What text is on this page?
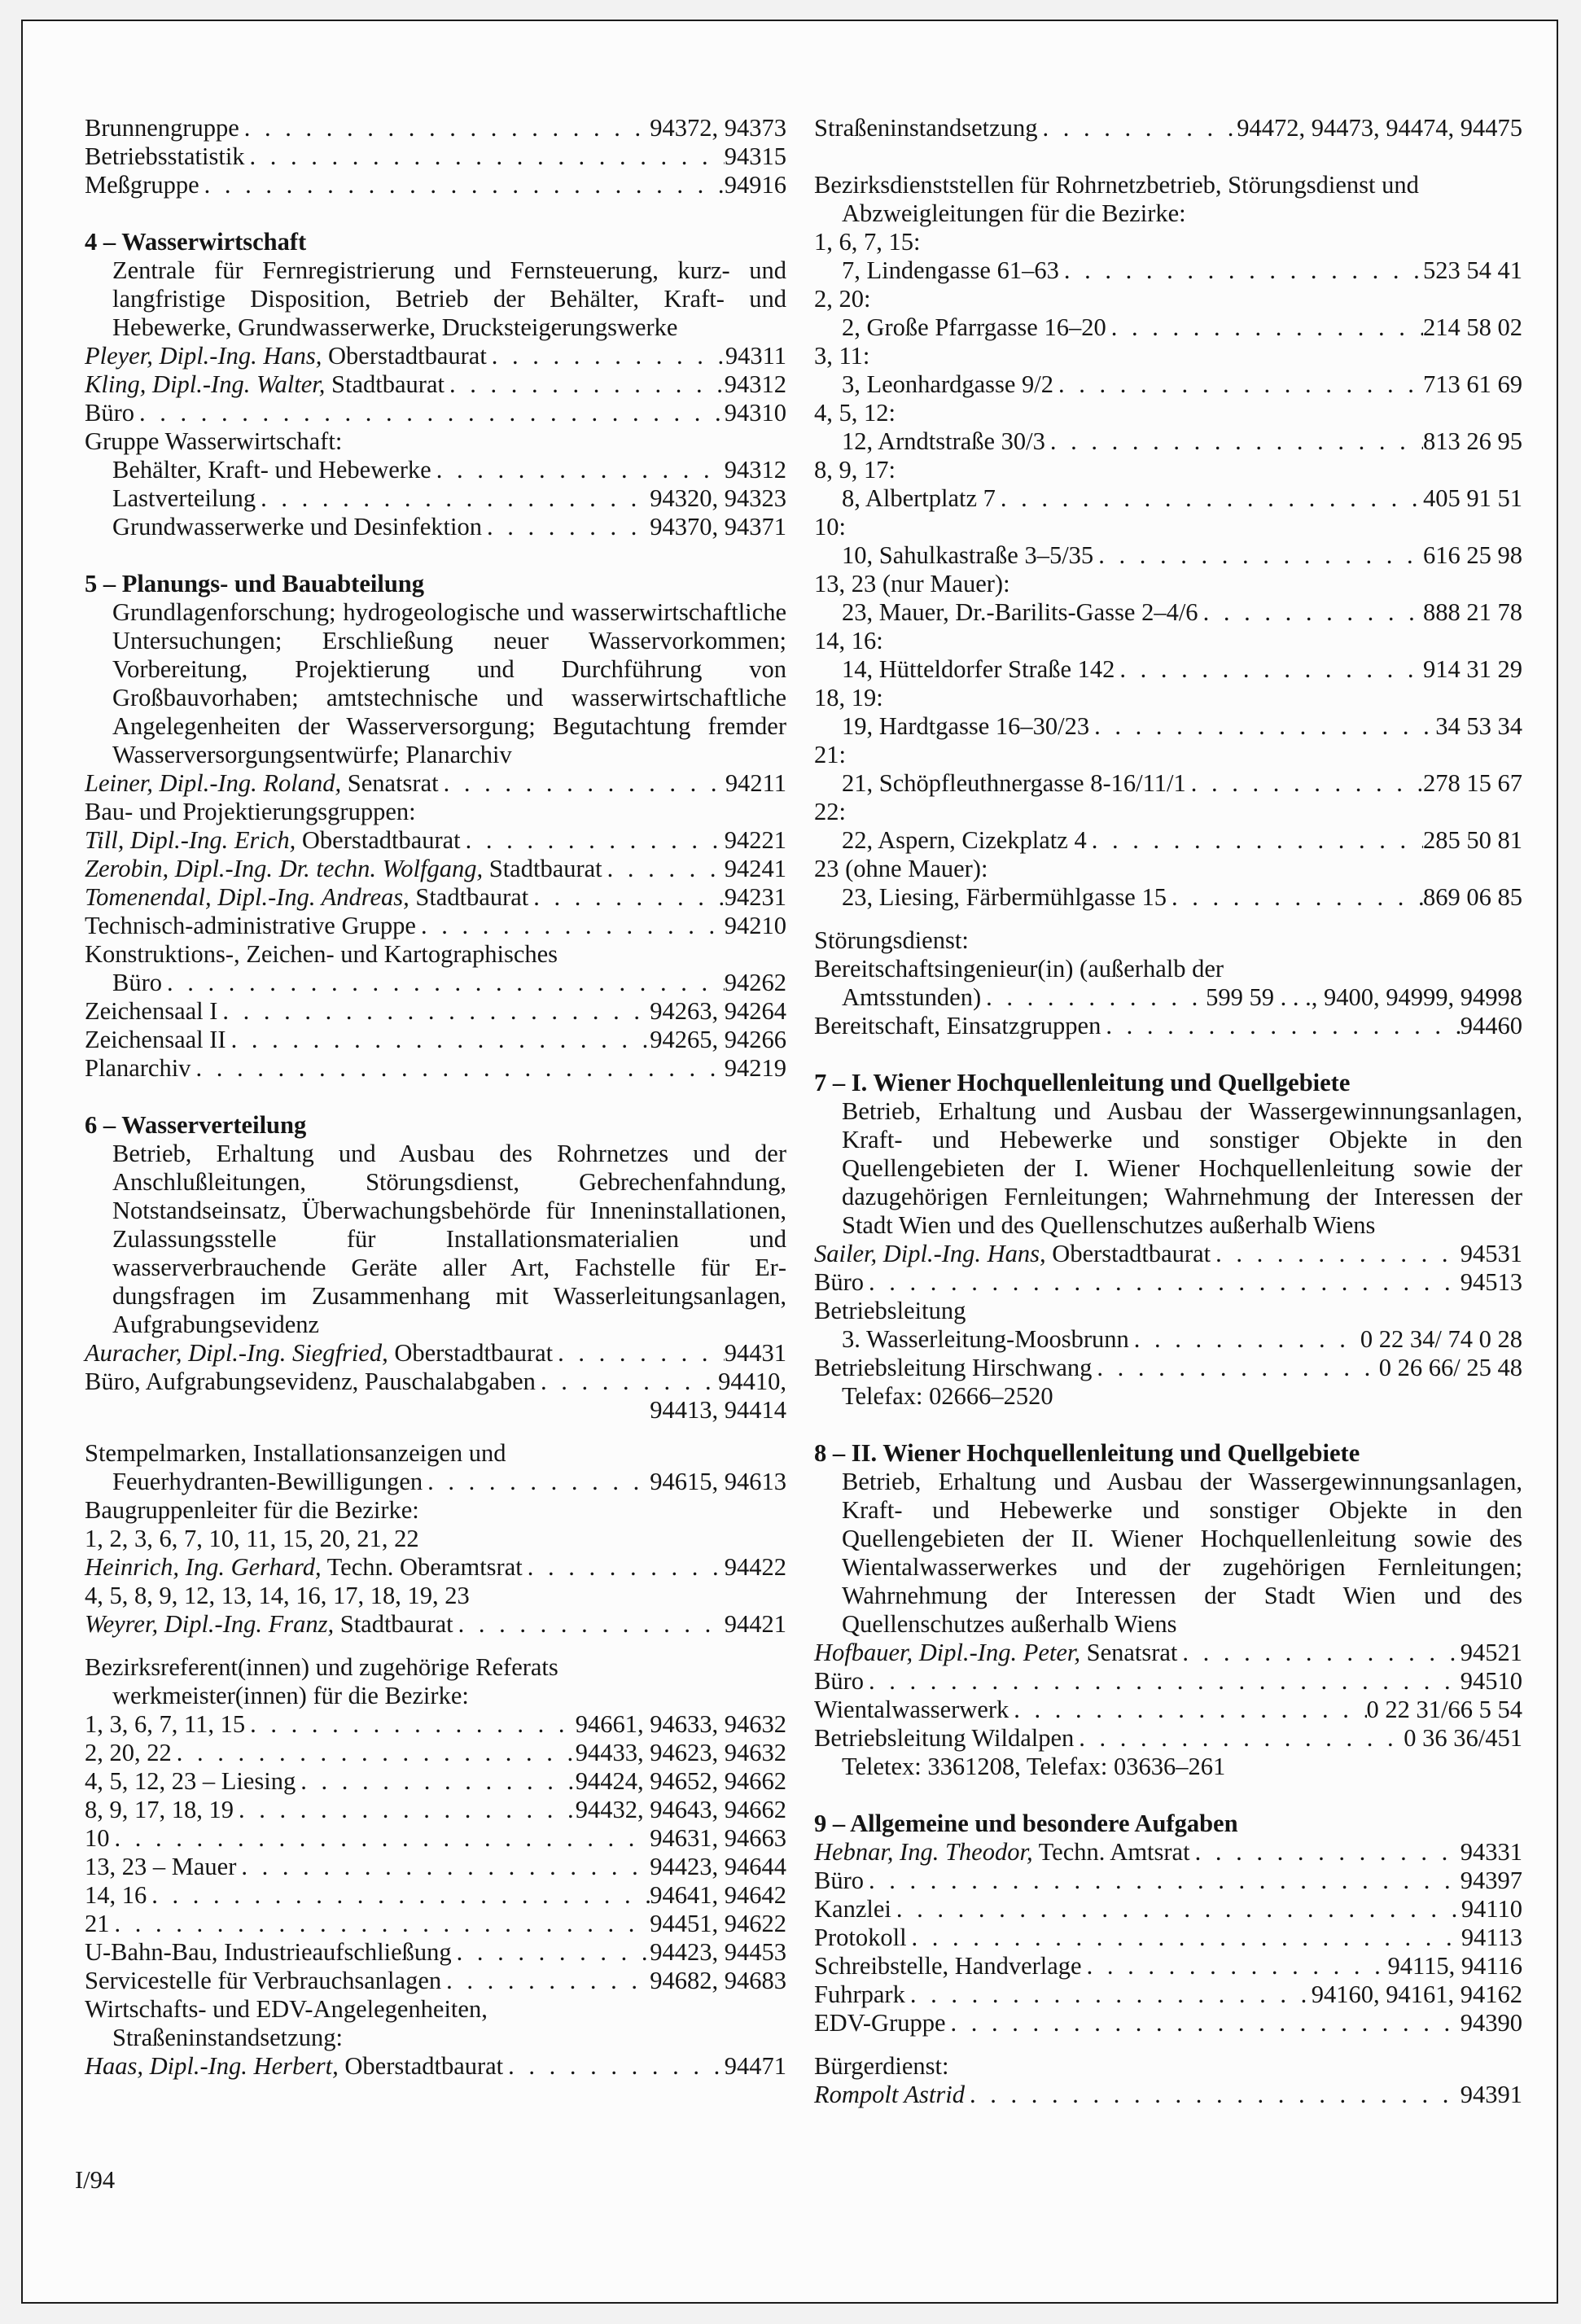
Brunnengruppe . . .	94372, 94373
Betriebsstatistik . . .	94315
Meßgruppe . . .	94916
4 – Wasserwirtschaft
Zentrale für Fernregistrierung und Fernsteuerung, kurz- und langfristige Disposition, Betrieb der Behälter, Kraft- und Hebewerke, Grundwasserwerke, Drucksteigerungswerke
Pleyer, Dipl.-Ing. Hans, Oberstadtbaurat . . .	94311
Kling, Dipl.-Ing. Walter, Stadtbaurat . . .	94312
Büro . . .	94310
Gruppe Wasserwirtschaft:
Behälter, Kraft- und Hebewerke . . .	94312
Lastverteilung . . .	94320, 94323
Grundwasserwerke und Desinfektion . . .	94370, 94371
5 – Planungs- und Bauabteilung
Grundlagenforschung; hydrogeologische und wasserwirtschaftliche Untersuchungen; Erschließung neuer Wasservorkommen; Vorbereitung, Projektierung und Durchführung von Großbauvorhaben; amtstechnische und wasserwirtschaftliche Angelegenheiten der Wasserversorgung; Begutachtung fremder Wasserversorgungsentwürfe; Planarchiv
Leiner, Dipl.-Ing. Roland, Senatsrat . . .	94211
Bau- und Projektierungsgruppen:
Till, Dipl.-Ing. Erich, Oberstadtbaurat . . .	94221
Zerobin, Dipl.-Ing. Dr. techn. Wolfgang, Stadtbaurat . . .	94241
Tomenendal, Dipl.-Ing. Andreas, Stadtbaurat . . .	94231
Technisch-administrative Gruppe . . .	94210
Konstruktions-, Zeichen- und Kartographisches
Büro . . .	94262
Zeichensaal I . . .	94263, 94264
Zeichensaal II . . .	94265, 94266
Planarchiv . . .	94219
6 – Wasserverteilung
Betrieb, Erhaltung und Ausbau des Rohrnetzes und der Anschlußleitungen, Störungsdienst, Gebrechenfahndung, Notstandseinsatz, Überwachungsbehörde für Inneninstallationen, Zulassungsstelle für Installationsmaterialien und wasserverbrauchende Geräte aller Art, Fachstelle für Erdungsfragen im Zusammenhang mit Wasserleitungsanlagen, Aufgrabungsevidenz
Auracher, Dipl.-Ing. Siegfried, Oberstadtbaurat . . .	94431
Büro, Aufgrabungsevidenz, Pauschalabgaben . . .	94410,
94413, 94414
Stempelmarken, Installationsanzeigen und
Feuerhydranten-Bewilligungen . . .	94615, 94613
Baugruppenleiter für die Bezirke:
1, 2, 3, 6, 7, 10, 11, 15, 20, 21, 22
Heinrich, Ing. Gerhard, Techn. Oberamtsrat . . .	94422
4, 5, 8, 9, 12, 13, 14, 16, 17, 18, 19, 23
Weyrer, Dipl.-Ing. Franz, Stadtbaurat . . .	94421
Bezirksreferent(innen) und zugehörige Referats
werkmeister(innen) für die Bezirke:
1, 3, 6, 7, 11, 15 . . .	94661, 94633, 94632
2, 20, 22 . . .	94433, 94623, 94632
4, 5, 12, 23 – Liesing . . .	94424, 94652, 94662
8, 9, 17, 18, 19 . . .	94432, 94643, 94662
10 . . .	94631, 94663
13, 23 – Mauer . . .	94423, 94644
14, 16 . . .	94641, 94642
21 . . .	94451, 94622
U-Bahn-Bau, Industrieaufschließung . . .	94423, 94453
Servicestelle für Verbrauchsanlagen . . .	94682, 94683
Wirtschafts- und EDV-Angelegenheiten,
Straßeninstandsetzung:
Haas, Dipl.-Ing. Herbert, Oberstadtbaurat . . .	94471
Straßeninstandsetzung . . .	94472, 94473, 94474, 94475
Bezirksdienststellen für Rohrnetzbetrieb, Störungsdienst und
Abzweigleitungen für die Bezirke:
1, 6, 7, 15:
7, Lindengasse 61–63 . . .	523 54 41
2, 20:
2, Große Pfarrgasse 16–20 . . .	214 58 02
3, 11:
3, Leonhardgasse 9/2 . . .	713 61 69
4, 5, 12:
12, Arndtstraße 30/3 . . .	813 26 95
8, 9, 17:
8, Albertplatz 7 . . .	405 91 51
10:
10, Sahulkastraße 3–5/35 . . .	616 25 98
13, 23 (nur Mauer):
23, Mauer, Dr.-Barilits-Gasse 2–4/6 . . .	888 21 78
14, 16:
14, Hütteldorfer Straße 142 . . .	914 31 29
18, 19:
19, Hardtgasse 16–30/23 . . .	34 53 34
21:
21, Schöpfleuthnergasse 8-16/11/1 . . .	278 15 67
22:
22, Aspern, Cizekplatz 4 . . .	285 50 81
23 (ohne Mauer):
23, Liesing, Färbermühlgasse 15 . . .	869 06 85
Störungsdienst:
Bereitschaftsingenieur(in) (außerhalb der
Amtsstunden) . . .	599 59 . . ., 9400, 94999, 94998
Bereitschaft, Einsatzgruppen . . .	94460
7 – I. Wiener Hochquellenleitung und Quellgebiete
Betrieb, Erhaltung und Ausbau der Wassergewinnungsanlagen, Kraft- und Hebewerke und sonstiger Objekte in den Quellengebieten der I. Wiener Hochquellenleitung sowie der dazugehörigen Fernleitungen; Wahrnehmung der Interessen der Stadt Wien und des Quellenschutzes außerhalb Wiens
Sailer, Dipl.-Ing. Hans, Oberstadtbaurat . . .	94531
Büro . . .	94513
Betriebsleitung
3. Wasserleitung-Moosbrunn . . .	0 22 34/ 74 0 28
Betriebsleitung Hirschwang . . .	0 26 66/ 25 48
Telefax: 02666–2520
8 – II. Wiener Hochquellenleitung und Quellgebiete
Betrieb, Erhaltung und Ausbau der Wassergewinnungsanlagen, Kraft- und Hebewerke und sonstiger Objekte in den Quellengebieten der II. Wiener Hochquellenleitung sowie des Wientalwasserwerkes und der zugehörigen Fernleitungen; Wahrnehmung der Interessen der Stadt Wien und des Quellenschutzes außerhalb Wiens
Hofbauer, Dipl.-Ing. Peter, Senatsrat . . .	94521
Büro . . .	94510
Wientalwasserwerk . . .	0 22 31/66 5 54
Betriebsleitung Wildalpen . . .	0 36 36/451
Teletex: 3361208, Telefax: 03636–261
9 – Allgemeine und besondere Aufgaben
Hebnar, Ing. Theodor, Techn. Amtsrat . . .	94331
Büro . . .	94397
Kanzlei . . .	94110
Protokoll . . .	94113
Schreibstelle, Handverlage . . .	94115, 94116
Fuhrpark . . .	94160, 94161, 94162
EDV-Gruppe . . .	94390
Bürgerdienst:
Rompolt Astrid . . .	94391
I/94
